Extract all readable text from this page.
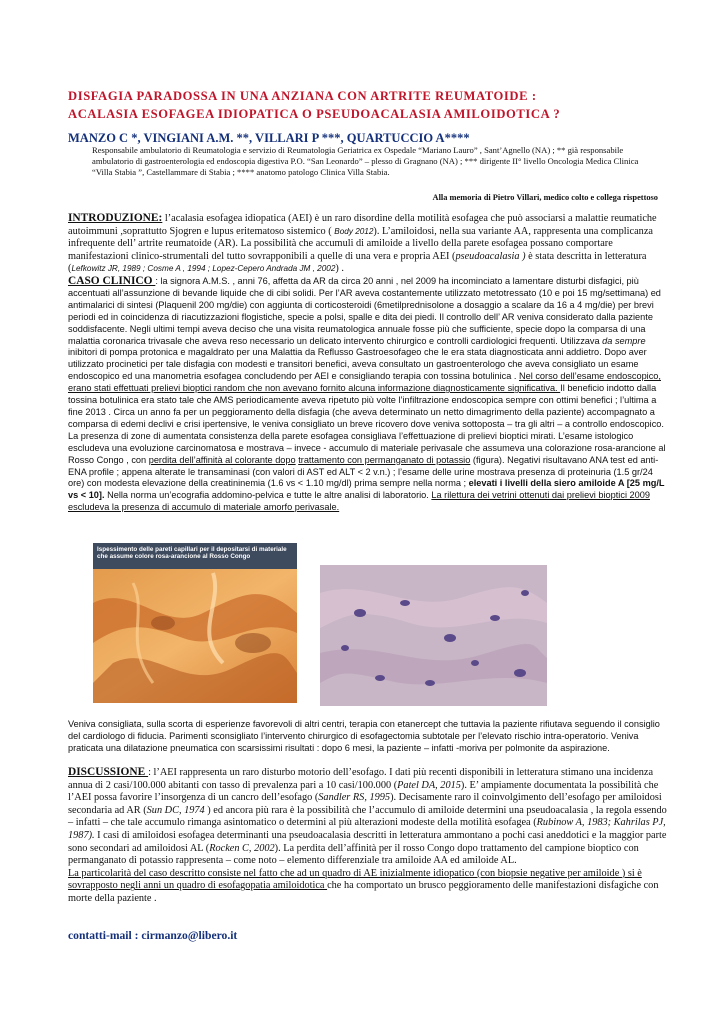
DISFAGIA PARADOSSA IN UNA ANZIANA CON ARTRITE REUMATOIDE :
ACALASIA ESOFAGEA IDIOPATICA O PSEUDOACALASIA AMILOIDOTICA ?
MANZO C *, VINGIANI A.M. **, VILLARI P ***, QUARTUCCIO A****
Responsabile ambulatorio di Reumatologia e servizio di Reumatologia Geriatrica ex Ospedale “Mariano Lauro” , Sant’Agnello (NA) ; ** già responsabile ambulatorio di gastroenterologia ed endoscopia digestiva P.O. “San Leonardo” – plesso di Gragnano (NA) ; *** dirigente II° livello Oncologia Medica Clinica “Villa Stabia ”, Castellammare di Stabia ; **** anatomo patologo Clinica Villa Stabia.
Alla memoria di Pietro Villari, medico colto e collega rispettoso
INTRODUZIONE: l’acalasia esofagea idiopatica (AEI) è un raro disordine della motilità esofagea che può associarsi a malattie reumatiche autoimmuni ,soprattutto Sjogren e lupus eritematoso sistemico ( Body 2012). L’amiloidosi, nella sua variante AA, rappresenta una complicanza infrequente dell’ artrite reumatoide (AR). La possibilità che accumuli di amiloide a livello della parete esofagea possano comportare manifestazioni clinico-strumentali del tutto sovrapponibili a quelle di una vera e propria AEI (pseudoacalasia ) è stata descritta in letteratura (Lefkowitz JR, 1989 ; Cosme A , 1994 ; Lopez-Cepero Andrada JM , 2002) .
CASO CLINICO : la signora A.M.S. , anni 76, affetta da AR da circa 20 anni , nel 2009 ha incominciato a lamentare disturbi disfagici, più accentuati all’assunzione di bevande liquide che di cibi solidi. Per l’AR aveva costantemente utilizzato metotressato (10 e poi 15 mg/settimana) ed antimalarici di sintesi (Plaquenil 200 mg/die) con aggiunta di corticosteroidi (6metilprednisolone a dosaggio a scalare da 16 a 4 mg/die) per brevi periodi ed in coincidenza di riacutizzazioni flogistiche, specie a polsi, spalle e dita dei piedi. Il controllo dell’ AR veniva considerato dalla paziente soddisfacente. Negli ultimi tempi aveva deciso che una visita reumatologica annuale fosse più che sufficiente, specie dopo la comparsa di una malattia coronarica trivasale che aveva reso necessario un delicato intervento chirurgico e controlli cardiologici frequenti. Utilizzava da sempre inibitori di pompa protonica e magaldrato per una Malattia da Reflusso Gastroesofageo che le era stata diagnosticata anni addietro. Dopo aver utilizzato procinetici per tale disfagia con modesti e transitori benefici, aveva consultato un gastroenterologo che aveva consigliato un esame endoscopico ed una manometria esofagea concludendo per AEI e consigliando terapia con tossina botulinica . Nel corso dell’esame endoscopico, erano stati effettuati prelievi bioptici random che non avevano fornito alcuna informazione diagnosticamente significativa. Il beneficio indotto dalla tossina botulinica era stato tale che AMS periodicamente aveva ripetuto più volte l’infiltrazione endoscopica sempre con ottimi benefici ; l’ultima a fine 2013 . Circa un anno fa per un peggioramento della disfagia (che aveva determinato un netto dimagrimento della paziente) accompagnato a comparsa di edemi declivi e crisi ipertensive, le veniva consigliato un breve ricovero dove veniva sottoposta – tra gli altri – a controllo endoscopico. La presenza di zone di aumentata consistenza della parete esofagea consigliava l’effettuazione di prelievi bioptici mirati. L’esame istologico escludeva una evoluzione carcinomatosa e mostrava – invece - accumulo di materiale perivasale che assumeva una colorazione rosa-arancione al Rosso Congo , con perdita dell’affinità al colorante dopo trattamento con permanganato di potassio (figura). Negativi risultavano ANA test ed anti-ENA profile ; appena alterate le transaminasi (con valori di AST ed ALT < 2 v.n.) ; l’esame delle urine mostrava presenza di proteinuria (1.5 gr/24 ore) con modesta elevazione della creatininemia (1.6 vs < 1.10 mg/dl) prima sempre nella norma ; elevati i livelli della siero amiloide A [25 mg/L vs < 10]. Nella norma un’ecografia addomino-pelvica e tutte le altre analisi di laboratorio. La rilettura dei vetrini ottenuti dai prelievi bioptici 2009 escludeva la presenza di accumulo di materiale amorfo perivasale.
Ispessimento delle pareti capillari per il depositarsi di materiale che assume colore rosa-arancione al Rosso Congo
Perdita dell’affinità per il rosso Congo dopo essere trattata con permanganato di potassio. Elemento differenziale tra amiloide AA ed amiloide AL.
Veniva consigliata, sulla scorta di esperienze favorevoli di altri centri, terapia con etanercept che tuttavia la paziente rifiutava seguendo il consiglio del cardiologo di fiducia. Parimenti sconsigliato l’intervento chirurgico di esofagectomia subtotale per l’elevato rischio intra-operatorio. Veniva praticata una dilatazione pneumatica con scarsissimi risultati : dopo 6 mesi, la paziente – infatti -moriva per polmonite da aspirazione.
DISCUSSIONE : l’AEI rappresenta un raro disturbo motorio dell’esofago. I dati più recenti disponibili in letteratura stimano una incidenza annua di 2 casi/100.000 abitanti con tasso di prevalenza pari a 10 casi/100.000 (Patel DA, 2015). E’ ampiamente documentata la possibilità che l’AEI possa favorire l’insorgenza di un cancro dell’esofago (Sandler RS, 1995). Decisamente raro il coinvolgimento dell’esofago per amiloidosi secondaria ad AR (Sun DC, 1974 ) ed ancora più rara è la possibilità che l’accumulo di amiloide determini una pseudoacalasia , la regola essendo – infatti – che tale accumulo rimanga asintomatico o determini al più alterazioni modeste della motilità esofagea (Rubinow A, 1983; Kahrilas PJ, 1987). I casi di amiloidosi esofagea determinanti una pseudoacalasia descritti in letteratura ammontano a pochi casi aneddotici e la maggior parte sono secondari ad amiloidosi AL (Rocken C, 2002). La perdita dell’affinità per il rosso Congo dopo trattamento del campione bioptico con permanganato di potassio rappresenta – come noto – elemento differenziale tra amiloide AA ed amiloide AL.
La particolarità del caso descritto consiste nel fatto che ad un quadro di AE inizialmente idiopatico (con biopsie negative per amiloide ) si è sovrapposto negli anni un quadro di esofagopatia amiloidotica che ha comportato un brusco peggioramento delle manifestazioni disfagiche con morte della paziente .
contatti-mail : cirmanzo@libero.it
